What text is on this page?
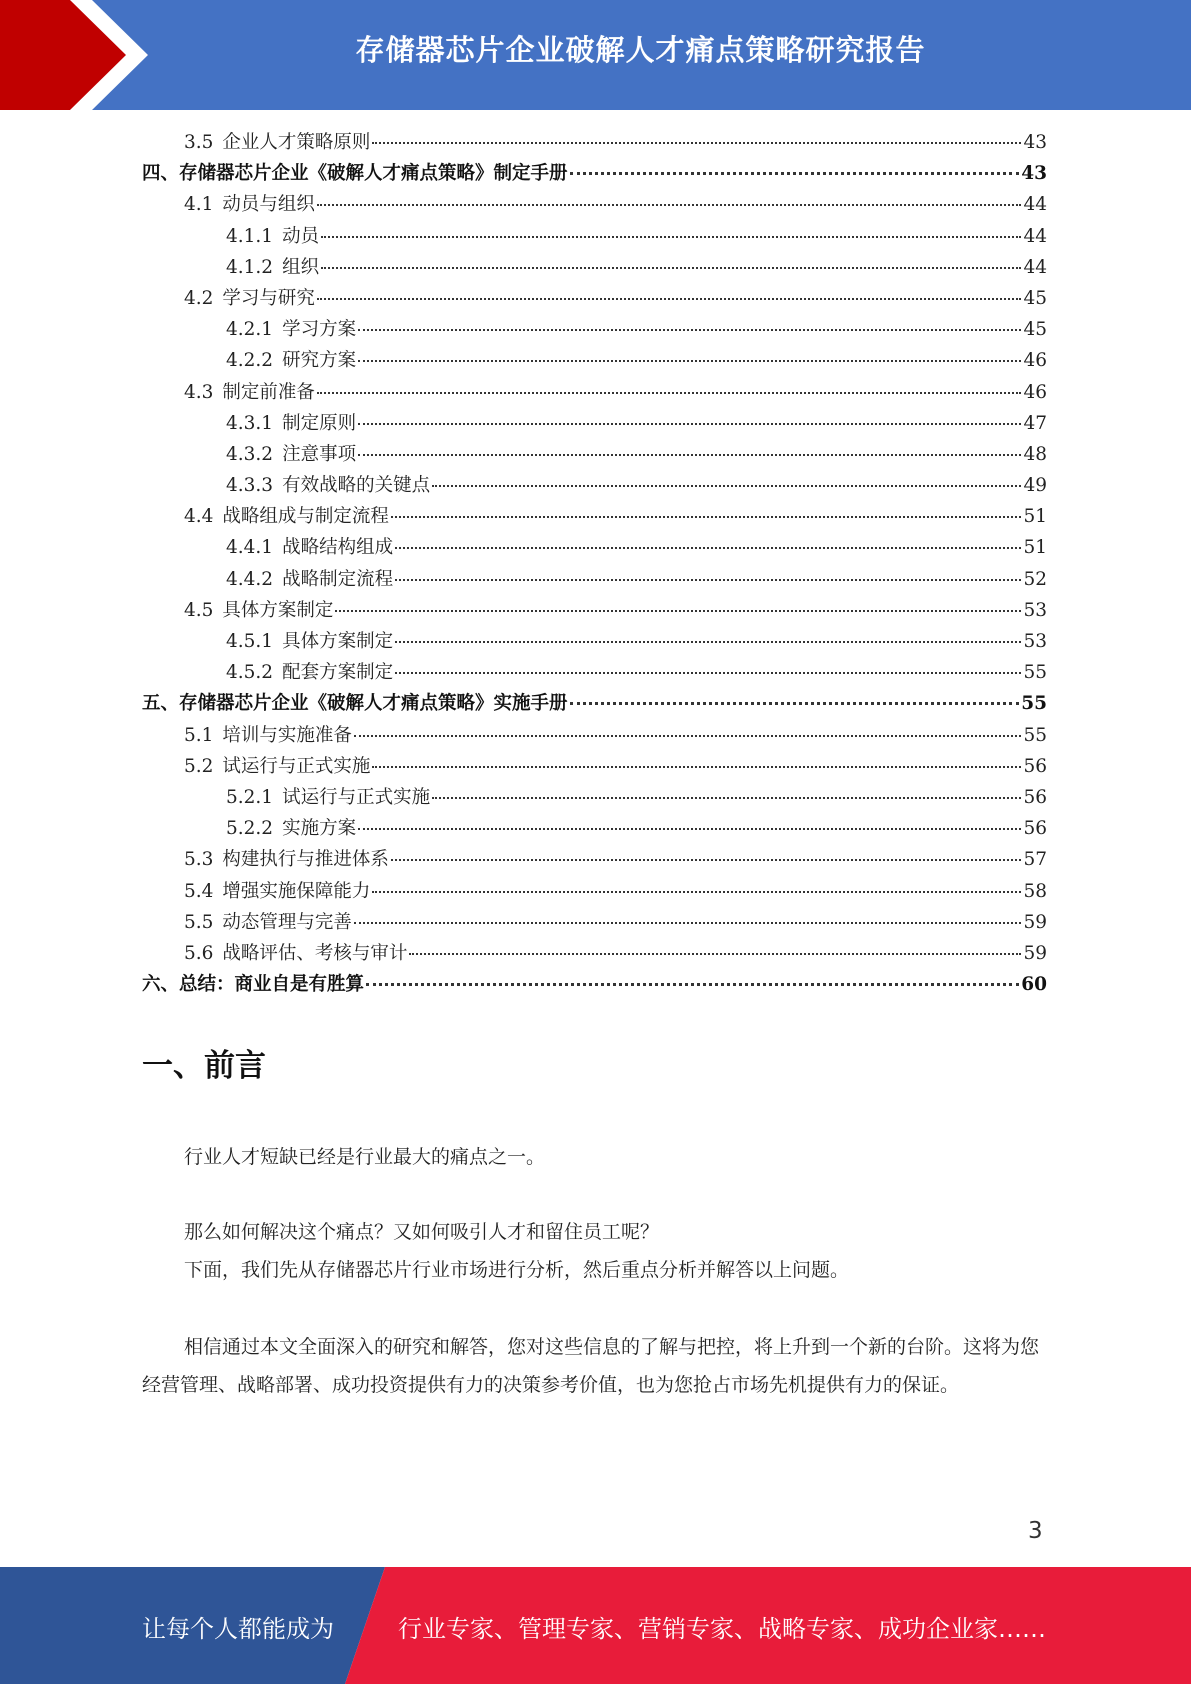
存储器芯片企业破解人才痛点策略研究报告
3.5 企业人才策略原则	43
四、存储器芯片企业《破解人才痛点策略》制定手册	43
4.1 动员与组织	44
4.1.1 动员	44
4.1.2 组织	44
4.2 学习与研究	45
4.2.1 学习方案	45
4.2.2 研究方案	46
4.3 制定前准备	46
4.3.1 制定原则	47
4.3.2 注意事项	48
4.3.3 有效战略的关键点	49
4.4 战略组成与制定流程	51
4.4.1 战略结构组成	51
4.4.2 战略制定流程	52
4.5 具体方案制定	53
4.5.1 具体方案制定	53
4.5.2 配套方案制定	55
五、存储器芯片企业《破解人才痛点策略》实施手册	55
5.1 培训与实施准备	55
5.2 试运行与正式实施	56
5.2.1 试运行与正式实施	56
5.2.2 实施方案	56
5.3 构建执行与推进体系	57
5.4 增强实施保障能力	58
5.5 动态管理与完善	59
5.6 战略评估、考核与审计	59
六、总结：商业自是有胜算	60
一、前言

行业人才短缺已经是行业最大的痛点之一。

那么如何解决这个痛点？又如何吸引人才和留住员工呢？

下面，我们先从存储器芯片行业市场进行分析，然后重点分析并解答以上问题。

相信通过本文全面深入的研究和解答，您对这些信息的了解与把控，将上升到一个新的台阶。这将为您经营管理、战略部署、成功投资提供有力的决策参考价值，也为您抢占市场先机提供有力的保证。

3
让每个人都能成为	行业专家、管理专家、营销专家、战略专家、成功企业家……
